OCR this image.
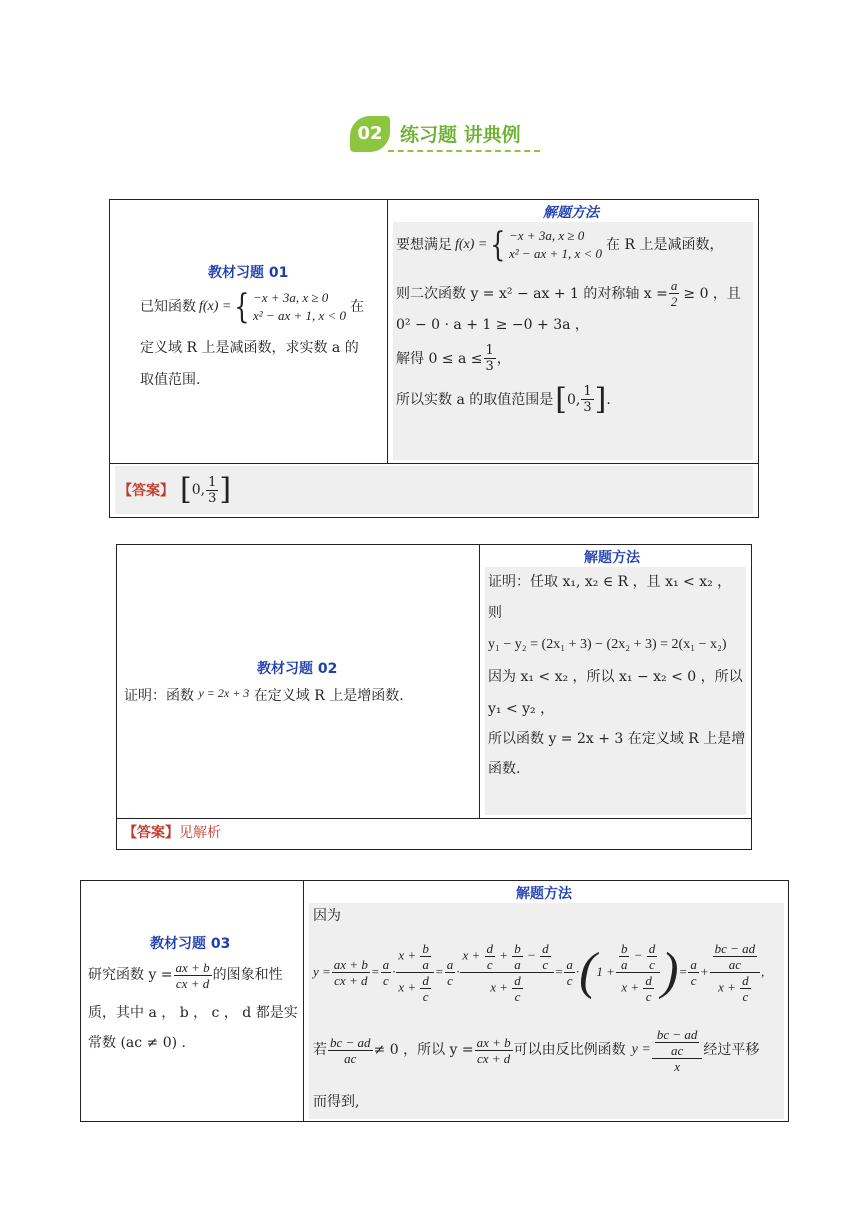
02 练习题 讲典例
教材习题 01
已知函数 f(x) = { −x + 3a, x ≥ 0
x² − ax + 1, x < 0
在
定义域 R 上是减函数，求实数 a 的
取值范围.
解题方法
要想满足 f(x) = { −x + 3a, x ≥ 0
x² − ax + 1, x < 0
在 R 上是减函数，
则二次函数 y = x² − ax + 1 的对称轴 $x = \frac{a}{2} \ge 0$ ，且
0² − 0 · a + 1 ≥ −0 + 3a ，
解得 $0 \le a \le \frac{1}{3}$ ，
所以实数 a 的取值范围是 [ 0, $\frac{1}{3}$ ] .
【答案】 [ 0, $\frac{1}{3}$ ]
教材习题 02
证明：函数 y = 2x + 3 在定义域 R 上是增函数.
解题方法
证明：任取 x₁, x₂ ∈ R ，且 x₁ < x₂ ，
则
y₁ − y₂ = (2x₁ + 3) − (2x₂ + 3) = 2(x₁ − x₂)
因为 x₁ < x₂ ，所以 x₁ − x₂ < 0 ，所以
y₁ < y₂ ，
所以函数 y = 2x + 3 在定义域 R 上是增
函数.
【答案】 见解析
教材习题 03
研究函数 $y = \frac{ax + b}{cx + d}$ 的图象和性
质，其中 a ， b ， c ， d 都是实
常数 (ac ≠ 0) .
解题方法
因为
$y = \frac{ax + b}{cx + d} = \frac{a}{c} \cdot \frac{x + \frac{b}{a}}{x + \frac{d}{c}} = \frac{a}{c} \cdot \frac{x + \frac{d}{c} + \frac{b}{a} - \frac{d}{c}}{x + \frac{d}{c}} = \frac{a}{c}$ · ( $1 + \frac{\frac{b}{a} - \frac{d}{c}}{x + \frac{d}{c}}$ ) = $\frac{a}{c} + \frac{\frac{bc - ad}{ac}}{x + \frac{d}{c}}$ ,
若 $\frac{bc - ad}{ac} \ne 0$ ，所以 $y = \frac{ax + b}{cx + d}$ 可以由反比例函数 $y = \frac{\frac{bc - ad}{ac}}{x}$ 经过平移
而得到,
